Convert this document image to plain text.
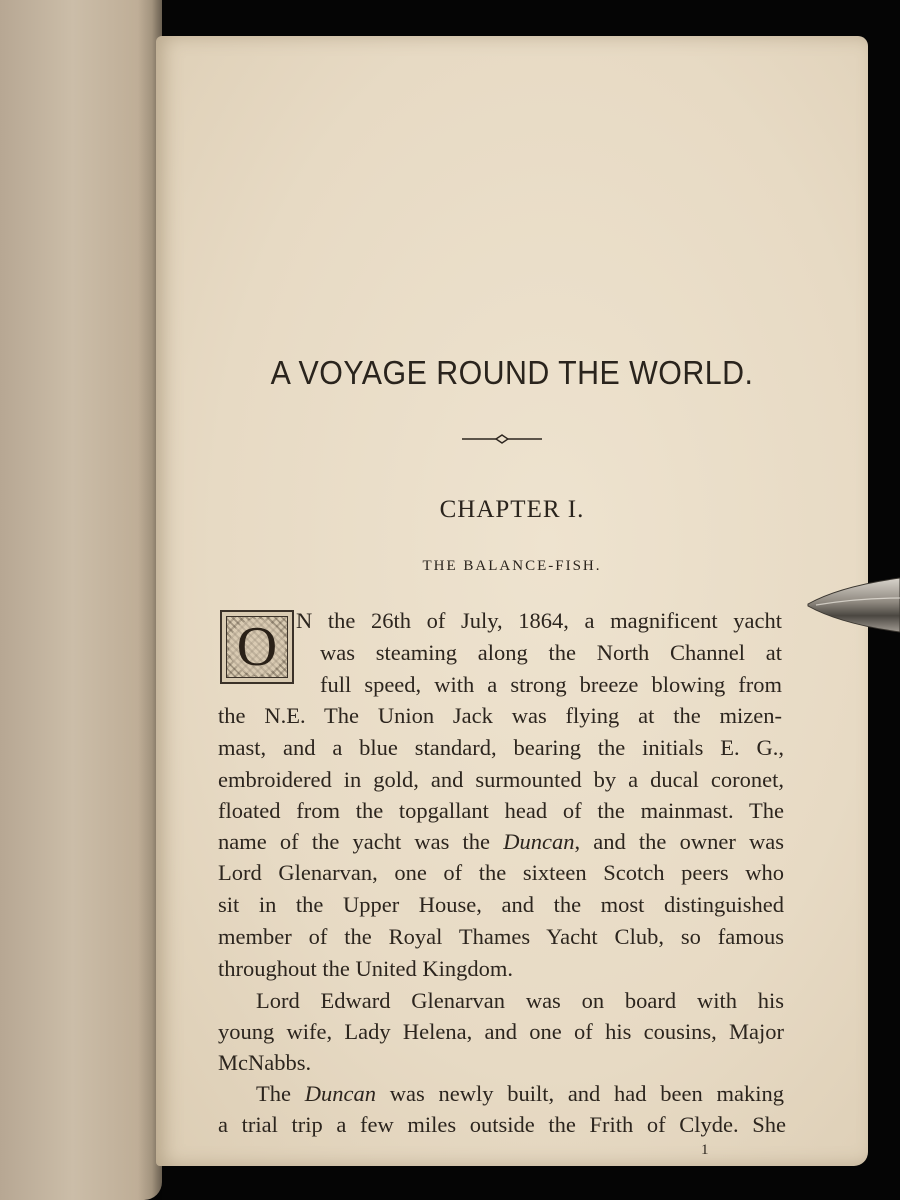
A VOYAGE ROUND THE WORLD.
CHAPTER I.
THE BALANCE-FISH.
O N the 26th of July, 1864, a magnificent yacht
was steaming along the North Channel at
full speed, with a strong breeze blowing from
the N.E. The Union Jack was flying at the mizen-
mast, and a blue standard, bearing the initials E. G.,
embroidered in gold, and surmounted by a ducal coronet,
floated from the topgallant head of the mainmast. The
name of the yacht was the Duncan, and the owner was
Lord Glenarvan, one of the sixteen Scotch peers who
sit in the Upper House, and the most distinguished
member of the Royal Thames Yacht Club, so famous
throughout the United Kingdom.
Lord Edward Glenarvan was on board with his
young wife, Lady Helena, and one of his cousins, Major
McNabbs.
The Duncan was newly built, and had been making
a trial trip a few miles outside the Frith of Clyde. She
1
